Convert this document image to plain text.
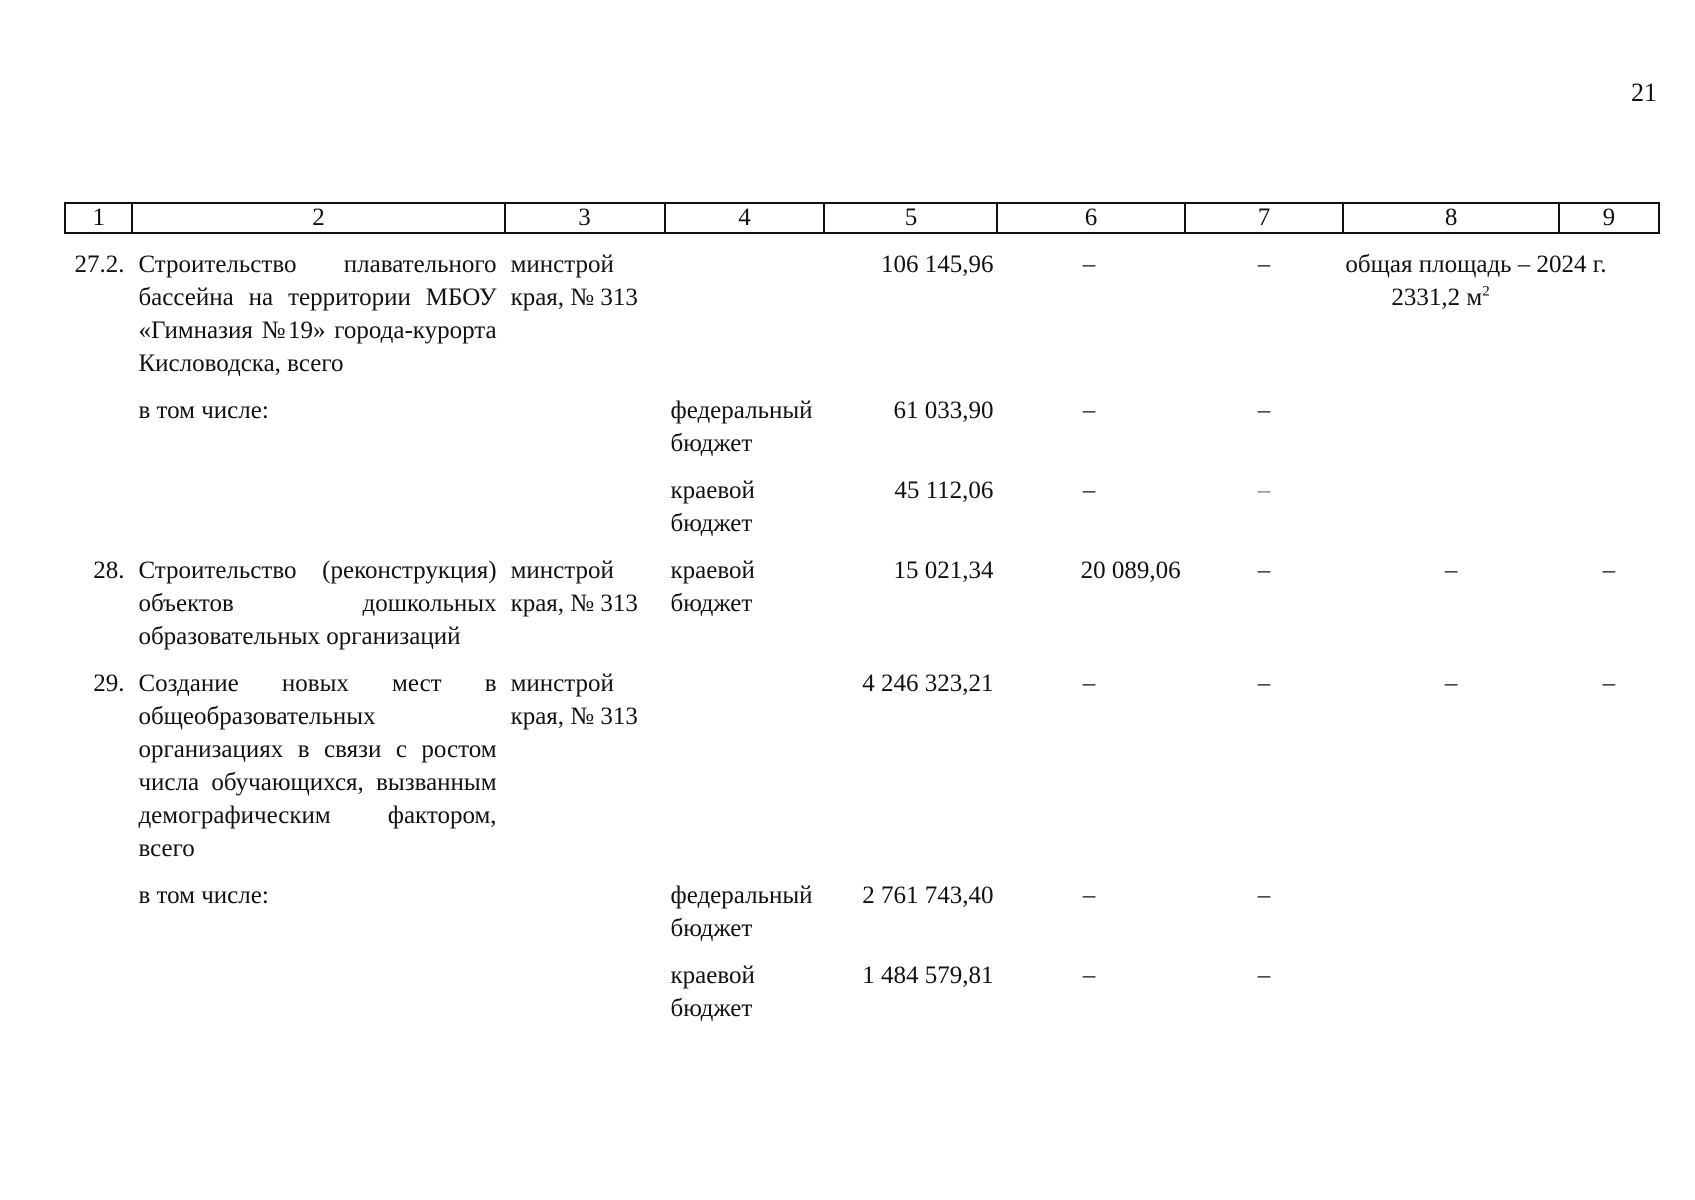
21
1	2	3	4	5	6	7	8	9

27.2.	Строительство плавательного бассейна на территории МБОУ «Гимназия №19» города-курорта Кисловодска, всего	минстрой края, № 313		106 145,96	–	–	общая площадь – 2024 г.
2331,2 $м^2$

	в том числе:		федеральный бюджет	61 033,90	–	–		

			краевой бюджет	45 112,06	–	–		

28.	Строительство (реконструкция) объектов дошкольных образовательных организаций	минстрой края, № 313	краевой бюджет	15 021,34	20 089,06	–	–	–

29.	Создание новых мест в общеобразовательных организациях в связи с ростом числа обучающихся, вызванным демографическим фактором, всего	минстрой края, № 313		4 246 323,21	–	–	–	–

	в том числе:		федеральный бюджет	2 761 743,40	–	–		

			краевой бюджет	1 484 579,81	–	–		
